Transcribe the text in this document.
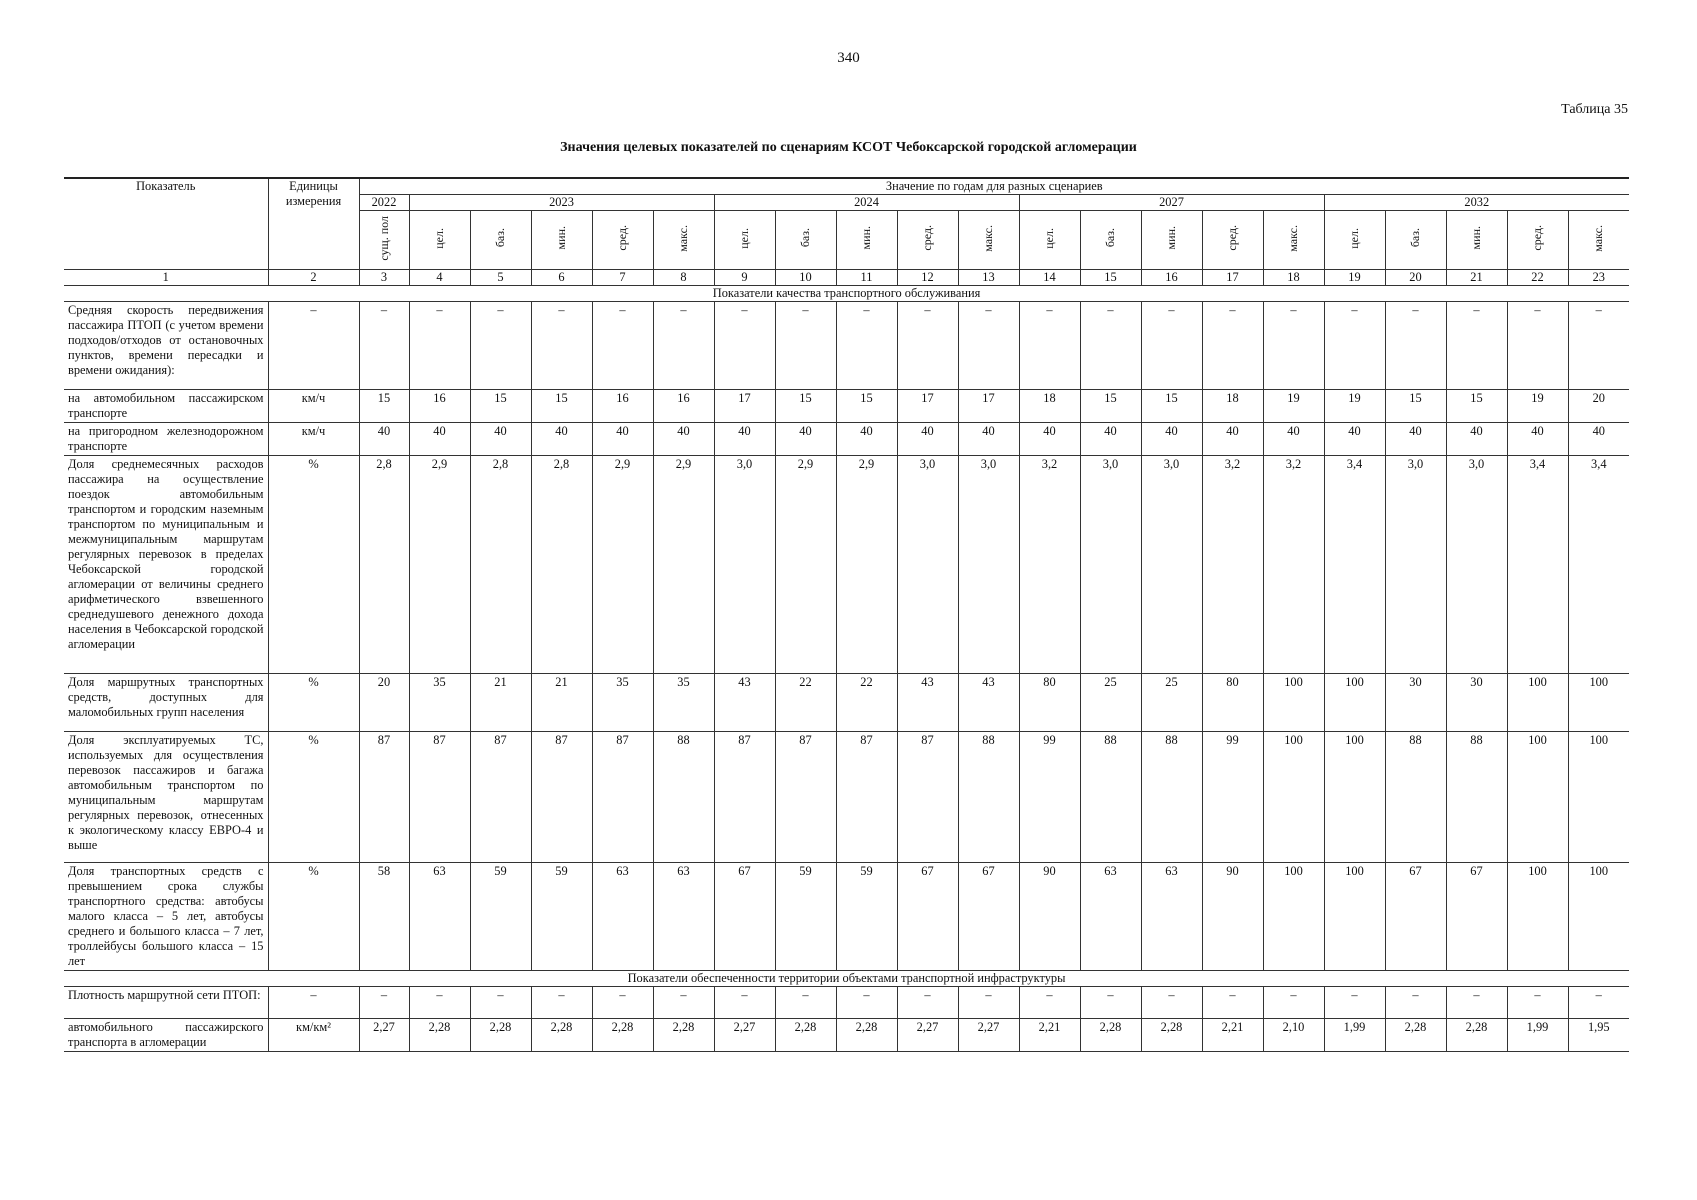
340
Таблица 35
Значения целевых показателей по сценариям КСОТ Чебоксарской городской агломерации
Показатель	Единицы измерения	Значение по годам для разных сценариев																				
		2022	2023					2024					2027					2032				
		сущ. пол	цел.	баз.	мин.	сред.	макс.	цел.	баз.	мин.	сред.	макс.	цел.	баз.	мин.	сред.	макс.	цел.	баз.	мин.	сред.	макс.
1	2	3	4	5	6	7	8	9	10	11	12	13	14	15	16	17	18	19	20	21	22	23
Показатели качества транспортного обслуживания																						
Средняя скорость передвижения пассажира ПТОП (с учетом времени подходов/отходов от остановочных пунктов, времени пересадки и времени ожидания):	–	–	–	–	–	–	–	–	–	–	–	–	–	–	–	–	–	–	–	–	–	–
на автомобильном пассажирском транспорте	км/ч	15	16	15	15	16	16	17	15	15	17	17	18	15	15	18	19	19	15	15	19	20
на пригородном железнодорожном транспорте	км/ч	40	40	40	40	40	40	40	40	40	40	40	40	40	40	40	40	40	40	40	40	40
Доля среднемесячных расходов пассажира на осуществление поездок автомобильным транспортом и городским наземным транспортом по муниципальным и межмуниципальным маршрутам регулярных перевозок в пределах Чебоксарской городской агломерации от величины среднего арифметического взвешенного среднедушевого денежного дохода населения в Чебоксарской городской агломерации	%	2,8	2,9	2,8	2,8	2,9	2,9	3,0	2,9	2,9	3,0	3,0	3,2	3,0	3,0	3,2	3,2	3,4	3,0	3,0	3,4	3,4
Доля маршрутных транспортных средств, доступных для маломобильных групп населения	%	20	35	21	21	35	35	43	22	22	43	43	80	25	25	80	100	100	30	30	100	100
Доля эксплуатируемых ТС, используемых для осуществления перевозок пассажиров и багажа автомобильным транспортом по муниципальным маршрутам регулярных перевозок, отнесенных к экологическому классу ЕВРО-4 и выше	%	87	87	87	87	87	88	87	87	87	87	88	99	88	88	99	100	100	88	88	100	100
Доля транспортных средств с превышением срока службы транспортного средства: автобусы малого класса – 5 лет, автобусы среднего и большого класса – 7 лет, троллейбусы большого класса – 15 лет	%	58	63	59	59	63	63	67	59	59	67	67	90	63	63	90	100	100	67	67	100	100
Показатели обеспеченности территории объектами транспортной инфраструктуры																						
Плотность маршрутной сети ПТОП:	–	–	–	–	–	–	–	–	–	–	–	–	–	–	–	–	–	–	–	–	–	–
автомобильного пассажирского транспорта в агломерации	км/км²	2,27	2,28	2,28	2,28	2,28	2,28	2,27	2,28	2,28	2,27	2,27	2,21	2,28	2,28	2,21	2,10	1,99	2,28	2,28	1,99	1,95
